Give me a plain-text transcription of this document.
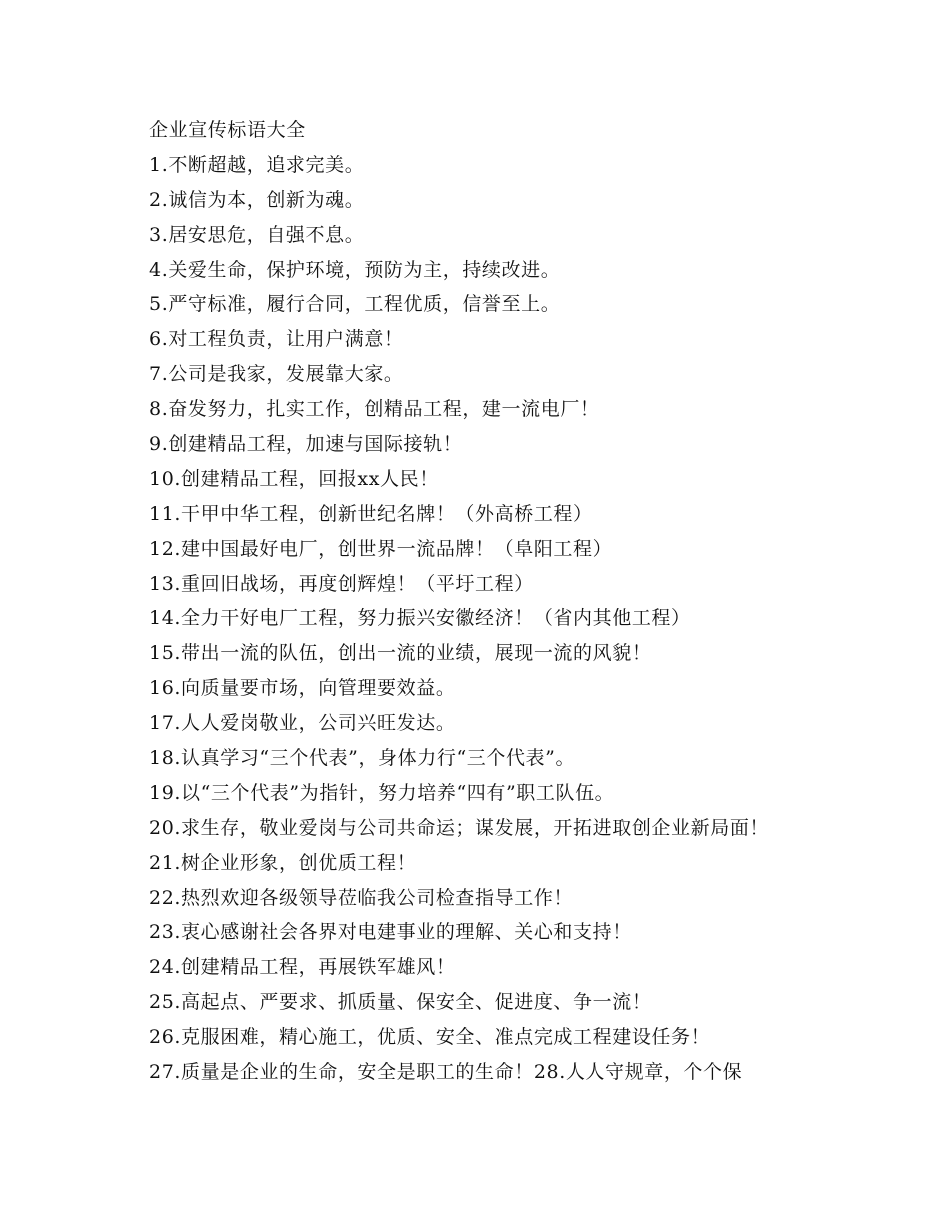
企业宣传标语大全
1.不断超越，追求完美。
2.诚信为本，创新为魂。
3.居安思危，自强不息。
4.关爱生命，保护环境，预防为主，持续改进。
5.严守标准，履行合同，工程优质，信誉至上。
6.对工程负责，让用户满意！
7.公司是我家，发展靠大家。
8.奋发努力，扎实工作，创精品工程，建一流电厂！
9.创建精品工程，加速与国际接轨！
10.创建精品工程，回报xx人民！
11.干甲中华工程，创新世纪名牌！（外高桥工程）
12.建中国最好电厂，创世界一流品牌！（阜阳工程）
13.重回旧战场，再度创辉煌！（平圩工程）
14.全力干好电厂工程，努力振兴安徽经济！（省内其他工程）
15.带出一流的队伍，创出一流的业绩，展现一流的风貌！
16.向质量要市场，向管理要效益。
17.人人爱岗敬业，公司兴旺发达。
18.认真学习“三个代表”，身体力行“三个代表”。
19.以“三个代表”为指针，努力培养“四有”职工队伍。
20.求生存，敬业爱岗与公司共命运；谋发展，开拓进取创企业新局面！
21.树企业形象，创优质工程！
22.热烈欢迎各级领导莅临我公司检查指导工作！
23.衷心感谢社会各界对电建事业的理解、关心和支持！
24.创建精品工程，再展铁军雄风！
25.高起点、严要求、抓质量、保安全、促进度、争一流！
26.克服困难，精心施工，优质、安全、准点完成工程建设任务！
27.质量是企业的生命，安全是职工的生命！28.人人守规章，个个保
